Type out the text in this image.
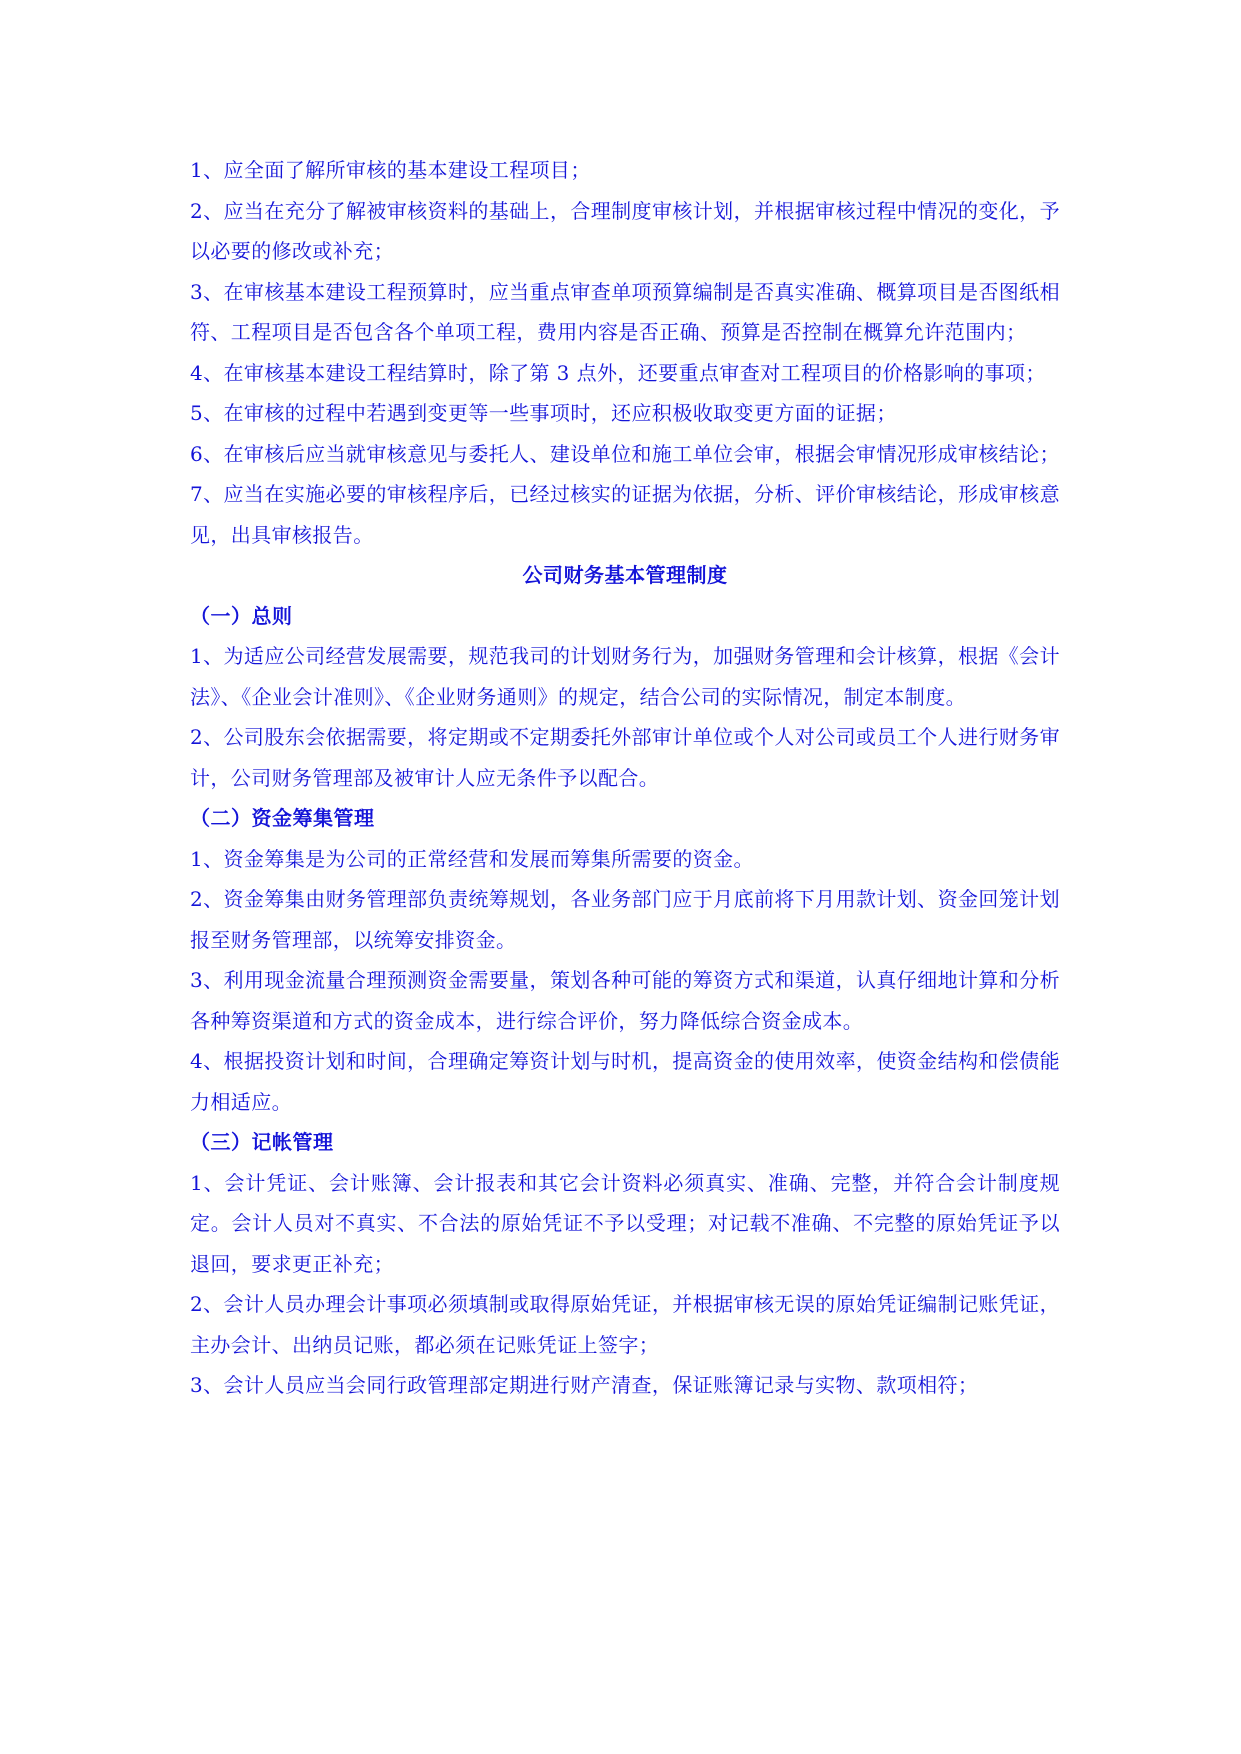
1、应全面了解所审核的基本建设工程项目；

2、应当在充分了解被审核资料的基础上，合理制度审核计划，并根据审核过程中情况的变化，予以必要的修改或补充；

3、在审核基本建设工程预算时，应当重点审查单项预算编制是否真实准确、概算项目是否图纸相符、工程项目是否包含各个单项工程，费用内容是否正确、预算是否控制在概算允许范围内；

4、在审核基本建设工程结算时，除了第 3 点外，还要重点审查对工程项目的价格影响的事项；

5、在审核的过程中若遇到变更等一些事项时，还应积极收取变更方面的证据；

6、在审核后应当就审核意见与委托人、建设单位和施工单位会审，根据会审情况形成审核结论；

7、应当在实施必要的审核程序后，已经过核实的证据为依据，分析、评价审核结论，形成审核意见，出具审核报告。

公司财务基本管理制度

（一）总则

1、为适应公司经营发展需要，规范我司的计划财务行为，加强财务管理和会计核算，根据《会计法》、《企业会计准则》、《企业财务通则》的规定，结合公司的实际情况，制定本制度。

2、公司股东会依据需要，将定期或不定期委托外部审计单位或个人对公司或员工个人进行财务审计，公司财务管理部及被审计人应无条件予以配合。

（二）资金筹集管理

1、资金筹集是为公司的正常经营和发展而筹集所需要的资金。

2、资金筹集由财务管理部负责统筹规划，各业务部门应于月底前将下月用款计划、资金回笼计划报至财务管理部，以统筹安排资金。

3、利用现金流量合理预测资金需要量，策划各种可能的筹资方式和渠道，认真仔细地计算和分析各种筹资渠道和方式的资金成本，进行综合评价，努力降低综合资金成本。

4、根据投资计划和时间，合理确定筹资计划与时机，提高资金的使用效率，使资金结构和偿债能力相适应。

（三）记帐管理

1、会计凭证、会计账簿、会计报表和其它会计资料必须真实、准确、完整，并符合会计制度规定。会计人员对不真实、不合法的原始凭证不予以受理；对记载不准确、不完整的原始凭证予以退回，要求更正补充；

2、会计人员办理会计事项必须填制或取得原始凭证，并根据审核无误的原始凭证编制记账凭证，主办会计、出纳员记账，都必须在记账凭证上签字；

3、会计人员应当会同行政管理部定期进行财产清查，保证账簿记录与实物、款项相符；
